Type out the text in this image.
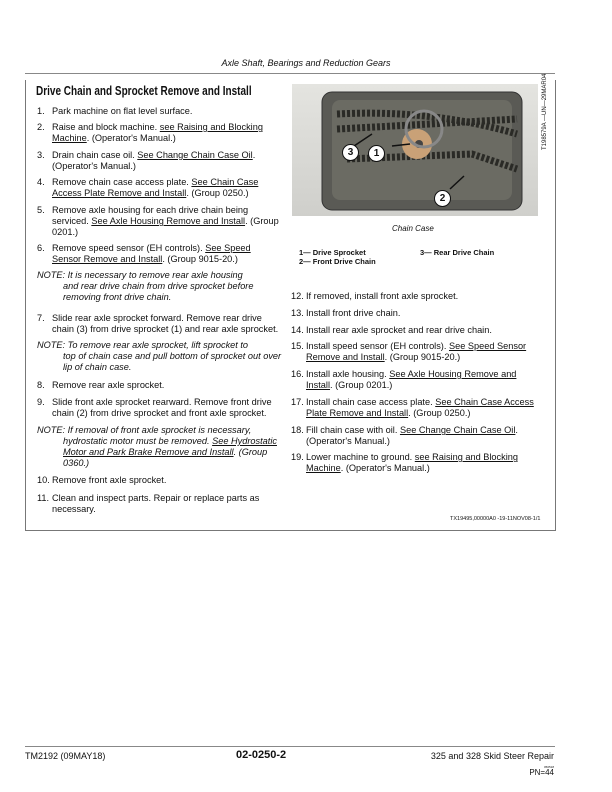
Axle Shaft, Bearings and Reduction Gears
1. Park machine on flat level surface.
2. Raise and block machine. see Raising and Blocking Machine. (Operator's Manual.)
3. Drain chain case oil. See Change Chain Case Oil. (Operator's Manual.)
4. Remove chain case access plate. See Chain Case Access Plate Remove and Install. (Group 0250.)
5. Remove axle housing for each drive chain being serviced. See Axle Housing Remove and Install. (Group 0201.)
6. Remove speed sensor (EH controls). See Speed Sensor Remove and Install. (Group 9015-20.)
NOTE: It is necessary to remove rear axle housing
and rear drive chain from drive sprocket before removing front drive chain.
7. Slide rear axle sprocket forward. Remove rear drive chain (3) from drive sprocket (1) and rear axle sprocket.
NOTE: To remove rear axle sprocket, lift sprocket to
top of chain case and pull bottom of sprocket out over lip of chain case.
8. Remove rear axle sprocket.
9. Slide front axle sprocket rearward. Remove front drive chain (2) from drive sprocket and front axle sprocket.
NOTE: If removal of front axle sprocket is necessary,
hydrostatic motor must be removed. See Hydrostatic Motor and Park Brake Remove and Install. (Group 0360.)
10. Remove front axle sprocket.
11. Clean and inspect parts. Repair or replace parts as necessary.
12. If removed, install front axle sprocket.
13. Install front drive chain.
14. Install rear axle sprocket and rear drive chain.
15. Install speed sensor (EH controls). See Speed Sensor Remove and Install. (Group 9015-20.)
16. Install axle housing. See Axle Housing Remove and Install. (Group 0201.)
17. Install chain case access plate. See Chain Case Access Plate Remove and Install. (Group 0250.)
18. Fill chain case with oil. See Change Chain Case Oil. (Operator's Manual.)
19. Lower machine to ground. see Raising and Blocking Machine. (Operator's Manual.)
3	1
2
Drive Chain and Sprocket Remove and Install	T198579A —UN—29MAR04
Chain Case
1— Drive Sprocket
2— Front Drive Chain
3— Rear Drive Chain
TX19495,00000A0 -19-11NOV08-1/1
TM2192 (09MAY18)	02-0250-2	325 and 328 Skid Steer Repair
050518
PN=44
